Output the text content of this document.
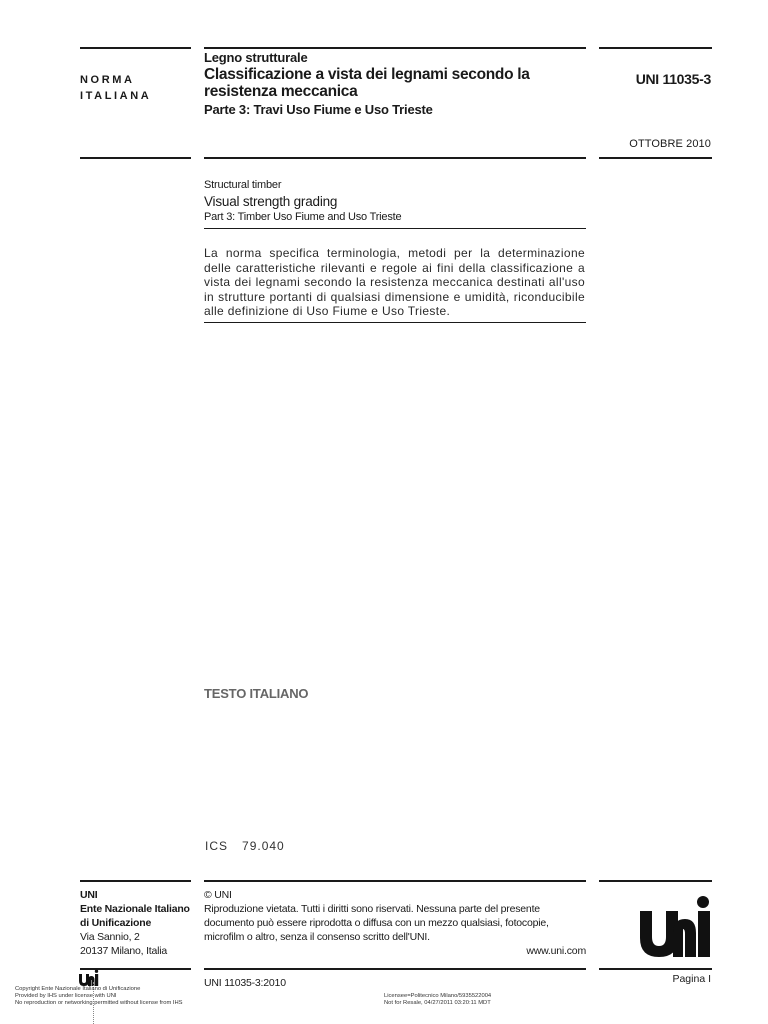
NORMA
ITALIANA
Legno strutturale
Classificazione a vista dei legnami secondo la resistenza meccanica
Parte 3: Travi Uso Fiume e Uso Trieste
UNI 11035-3
OTTOBRE 2010
Structural timber
Visual strength grading
Part 3: Timber Uso Fiume and Uso Trieste
La norma specifica terminologia, metodi per la determinazione delle caratteristiche rilevanti e regole ai fini della classificazione a vista dei legnami secondo la resistenza meccanica destinati all'uso in strutture portanti di qualsiasi dimensione e umidità, riconducibile alle definizione di Uso Fiume e Uso Trieste.
TESTO ITALIANO
ICS 79.040
UNI
Ente Nazionale Italiano
di Unificazione
Via Sannio, 2
20137 Milano, Italia
© UNI
Riproduzione vietata. Tutti i diritti sono riservati. Nessuna parte del presente documento può essere riprodotta o diffusa con un mezzo qualsiasi, fotocopie, microfilm o altro, senza il consenso scritto dell'UNI.
www.uni.com
UNI 11035-3:2010	Pagina I
Copyright Ente Nazionale Italiano di Unificazione
Provided by IHS under license with UNI
No reproduction or networking permitted without license from IHS
Licensee=Politecnico Milano/5935522004
Not for Resale, 04/27/2011 03:20:11 MDT
